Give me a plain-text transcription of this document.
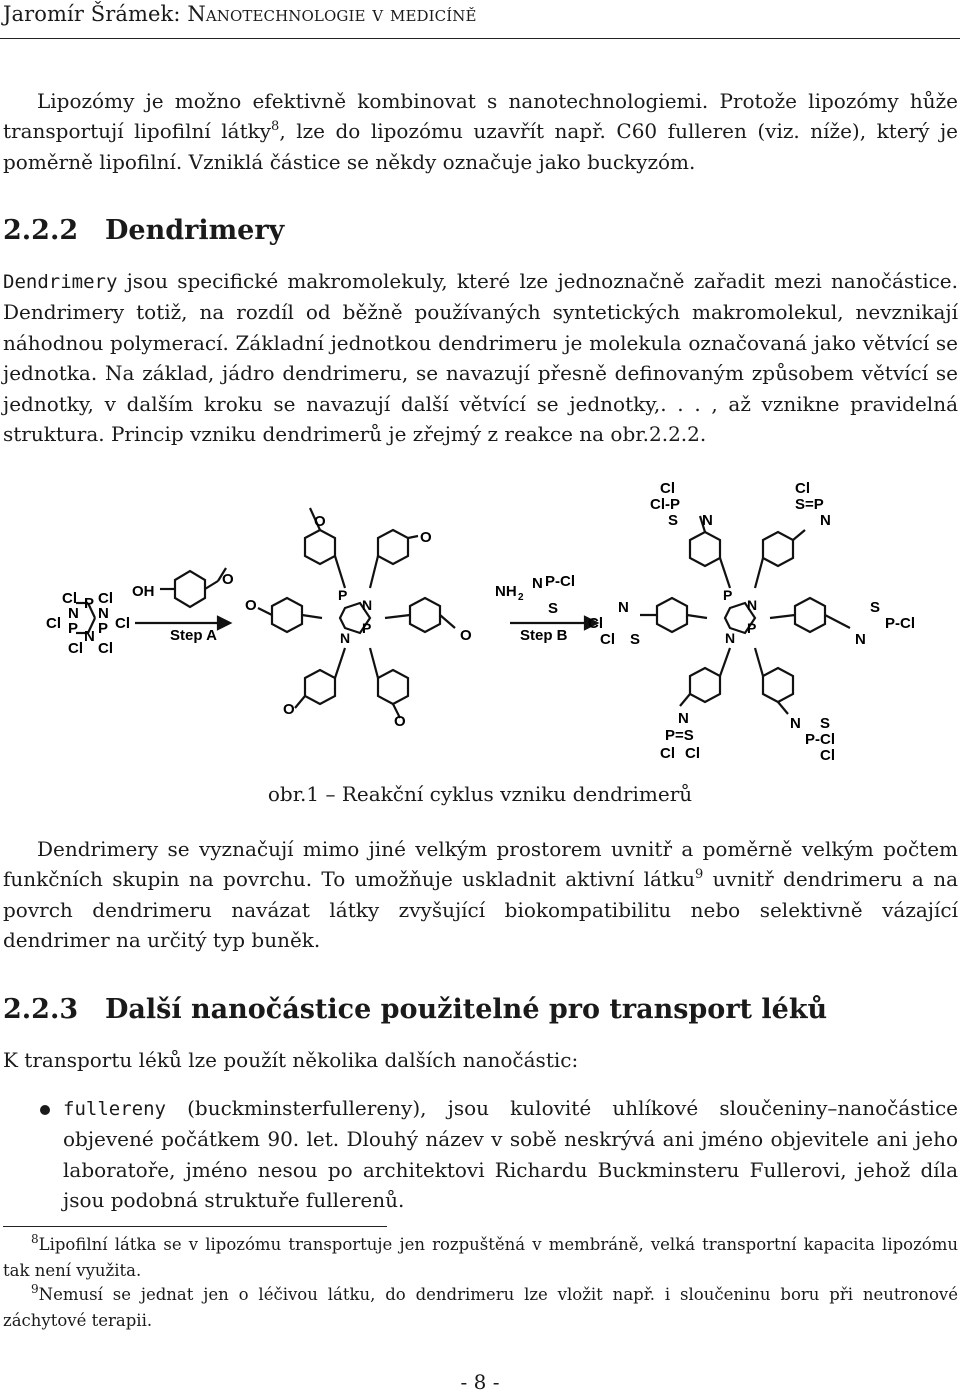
Jaromír Šrámek: Nanotechnologie v medicíně
Lipozómy je možno efektivně kombinovat s nanotechnologiemi. Protože lipozómy hůže transportují lipofilní látky$^8$, lze do lipozómu uzavřít např. C60 fulleren (viz. níže), který je poměrně lipofilní. Vzniklá částice se někdy označuje jako buckyzóm.
2.2.2 Dendrimery
Dendrimery jsou specifické makromolekuly, které lze jednoznačně zařadit mezi nanočástice. Dendrimery totiž, na rozdíl od běžně používaných syntetických makromolekul, nevznikají náhodnou polymerací. Základní jednotkou dendrimeru je molekula označovaná jako větvící se jednotka. Na základ, jádro dendrimeru, se navazují přesně definovaným způsobem větvící se jednotky, v dalším kroku se navazují další větvící se jednotky,. . . , až vznikne pravidelná struktura. Princip vzniku dendrimerů je zřejmý z reakce na obr.2.2.2.
Cl P Cl
N N
Cl P N P Cl
Cl Cl
OH
O
Step A
O
O
O
O
O
O
P
N
N
P
NH 2
N P-Cl
S
Step B
Cl
Cl-P
S N
Cl
S=P
N
Cl
Cl
N
S
S
P-Cl
N
P
N
N
P
N
P=S
Cl Cl
N S
P-Cl
Cl
obr.1 – Reakční cyklus vzniku dendrimerů
Dendrimery se vyznačují mimo jiné velkým prostorem uvnitř a poměrně velkým počtem funkčních skupin na povrchu. To umožňuje uskladnit aktivní látku$^9$ uvnitř dendrimeru a na povrch dendrimeru navázat látky zvyšující biokompatibilitu nebo selektivně vázající dendrimer na určitý typ buněk.
2.2.3 Další nanočástice použitelné pro transport léků
K transportu léků lze použít několika dalších nanočástic:
fullereny (buckminsterfullereny), jsou kulovité uhlíkové sloučeniny–nanočástice objevené počátkem 90. let. Dlouhý název v sobě neskrývá ani jméno objevitele ani jeho laboratoře, jméno nesou po architektovi Richardu Buckminsteru Fullerovi, jehož díla jsou podobná struktuře fullerenů.
$^8$Lipofilní látka se v lipozómu transportuje jen rozpuštěná v membráně, velká transportní kapacita lipozómu tak není využita.
$^9$Nemusí se jednat jen o léčivou látku, do dendrimeru lze vložit např. i sloučeninu boru při neutronové záchytové terapii.
- 8 -
